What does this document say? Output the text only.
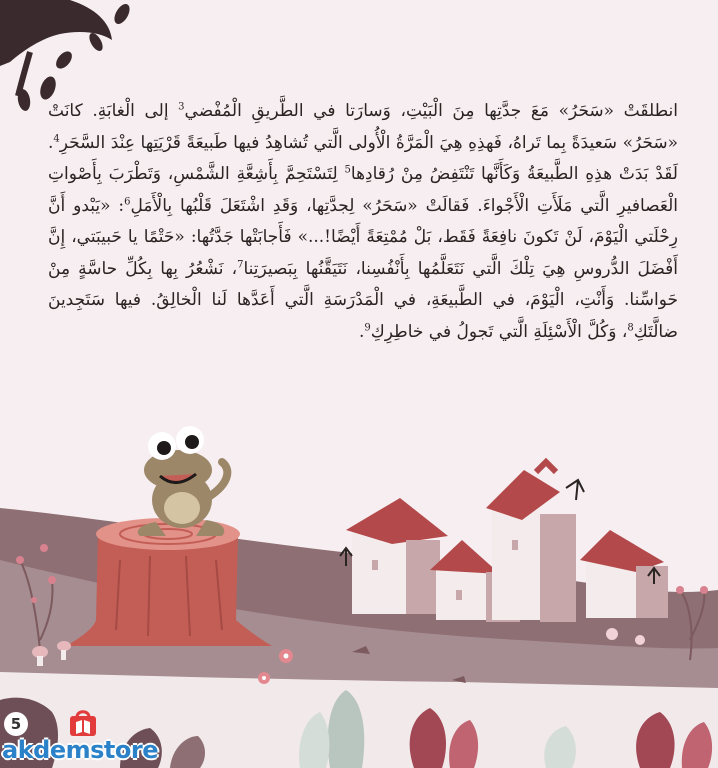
انطلقَتْ «سَحَرُ» مَعَ جدَّتِها مِنَ الْبَيْتِ، وَسارَتا في الطَّريقِ الْمُفْضي$^3$ إلى الْغابَةِ. كانَتْ «سَحَرُ» سَعيدَةً بِما تَراهُ، فَهذِهِ هِيَ الْمَرَّةُ الْأُولى الَّتي تُشاهِدُ فيها طَبيعَةً قَرْيَتِها عِنْدَ السَّحَرِ$^4$. لَقَدْ بَدَتْ هذِهِ الطَّبيعَةُ وَكَأَنَّها تَنْتَفِضُ مِنْ رُقادِها$^5$ لِتَسْتَحِمَّ بِأَشِعَّةِ الشَّمْسِ، وَتَطْرَبَ بِأَصْواتِ الْعَصافيرِ الَّتي مَلَأَتِ الْأَجْواءَ. فَقالَتْ «سَحَرُ» لِجدَّتِها، وَقَدِ اشْتَعَلَ قَلْبُها بِالْأَمَلِ$^6$: «يَبْدو أَنَّ رِحْلَتي الْيَوْمَ، لَنْ تَكونَ نافِعَةً فَقَط، بَلْ مُمْتِعَةً أَيْضًا!...» فَأَجابَتْها جَدَّتُها: «حَتْمًا يا حَبيبَتي، إِنَّ أَفْضَلَ الدُّروسِ هِيَ تِلْكَ الَّتي نَتَعَلَّمُها بِأَنْفُسِنا، نَتَيَقَّنُها بِبَصيرَتِنا$^7$، نَشْعُرُ بِها بِكُلِّ حاسَّةٍ مِنْ حَواسِّنا. وَأَنْتِ، الْيَوْمَ، في الطَّبيعَةِ، في الْمَدْرَسَةِ الَّتي أَعَدَّها لَنا الْخالِقُ. فيها سَتَجِدينَ ضالَّتَكِ$^8$، وَكُلَّ الْأَسْئِلَةِ الَّتي تَجولُ في خاطِرِكِ$^9$.

5
akdemstore
